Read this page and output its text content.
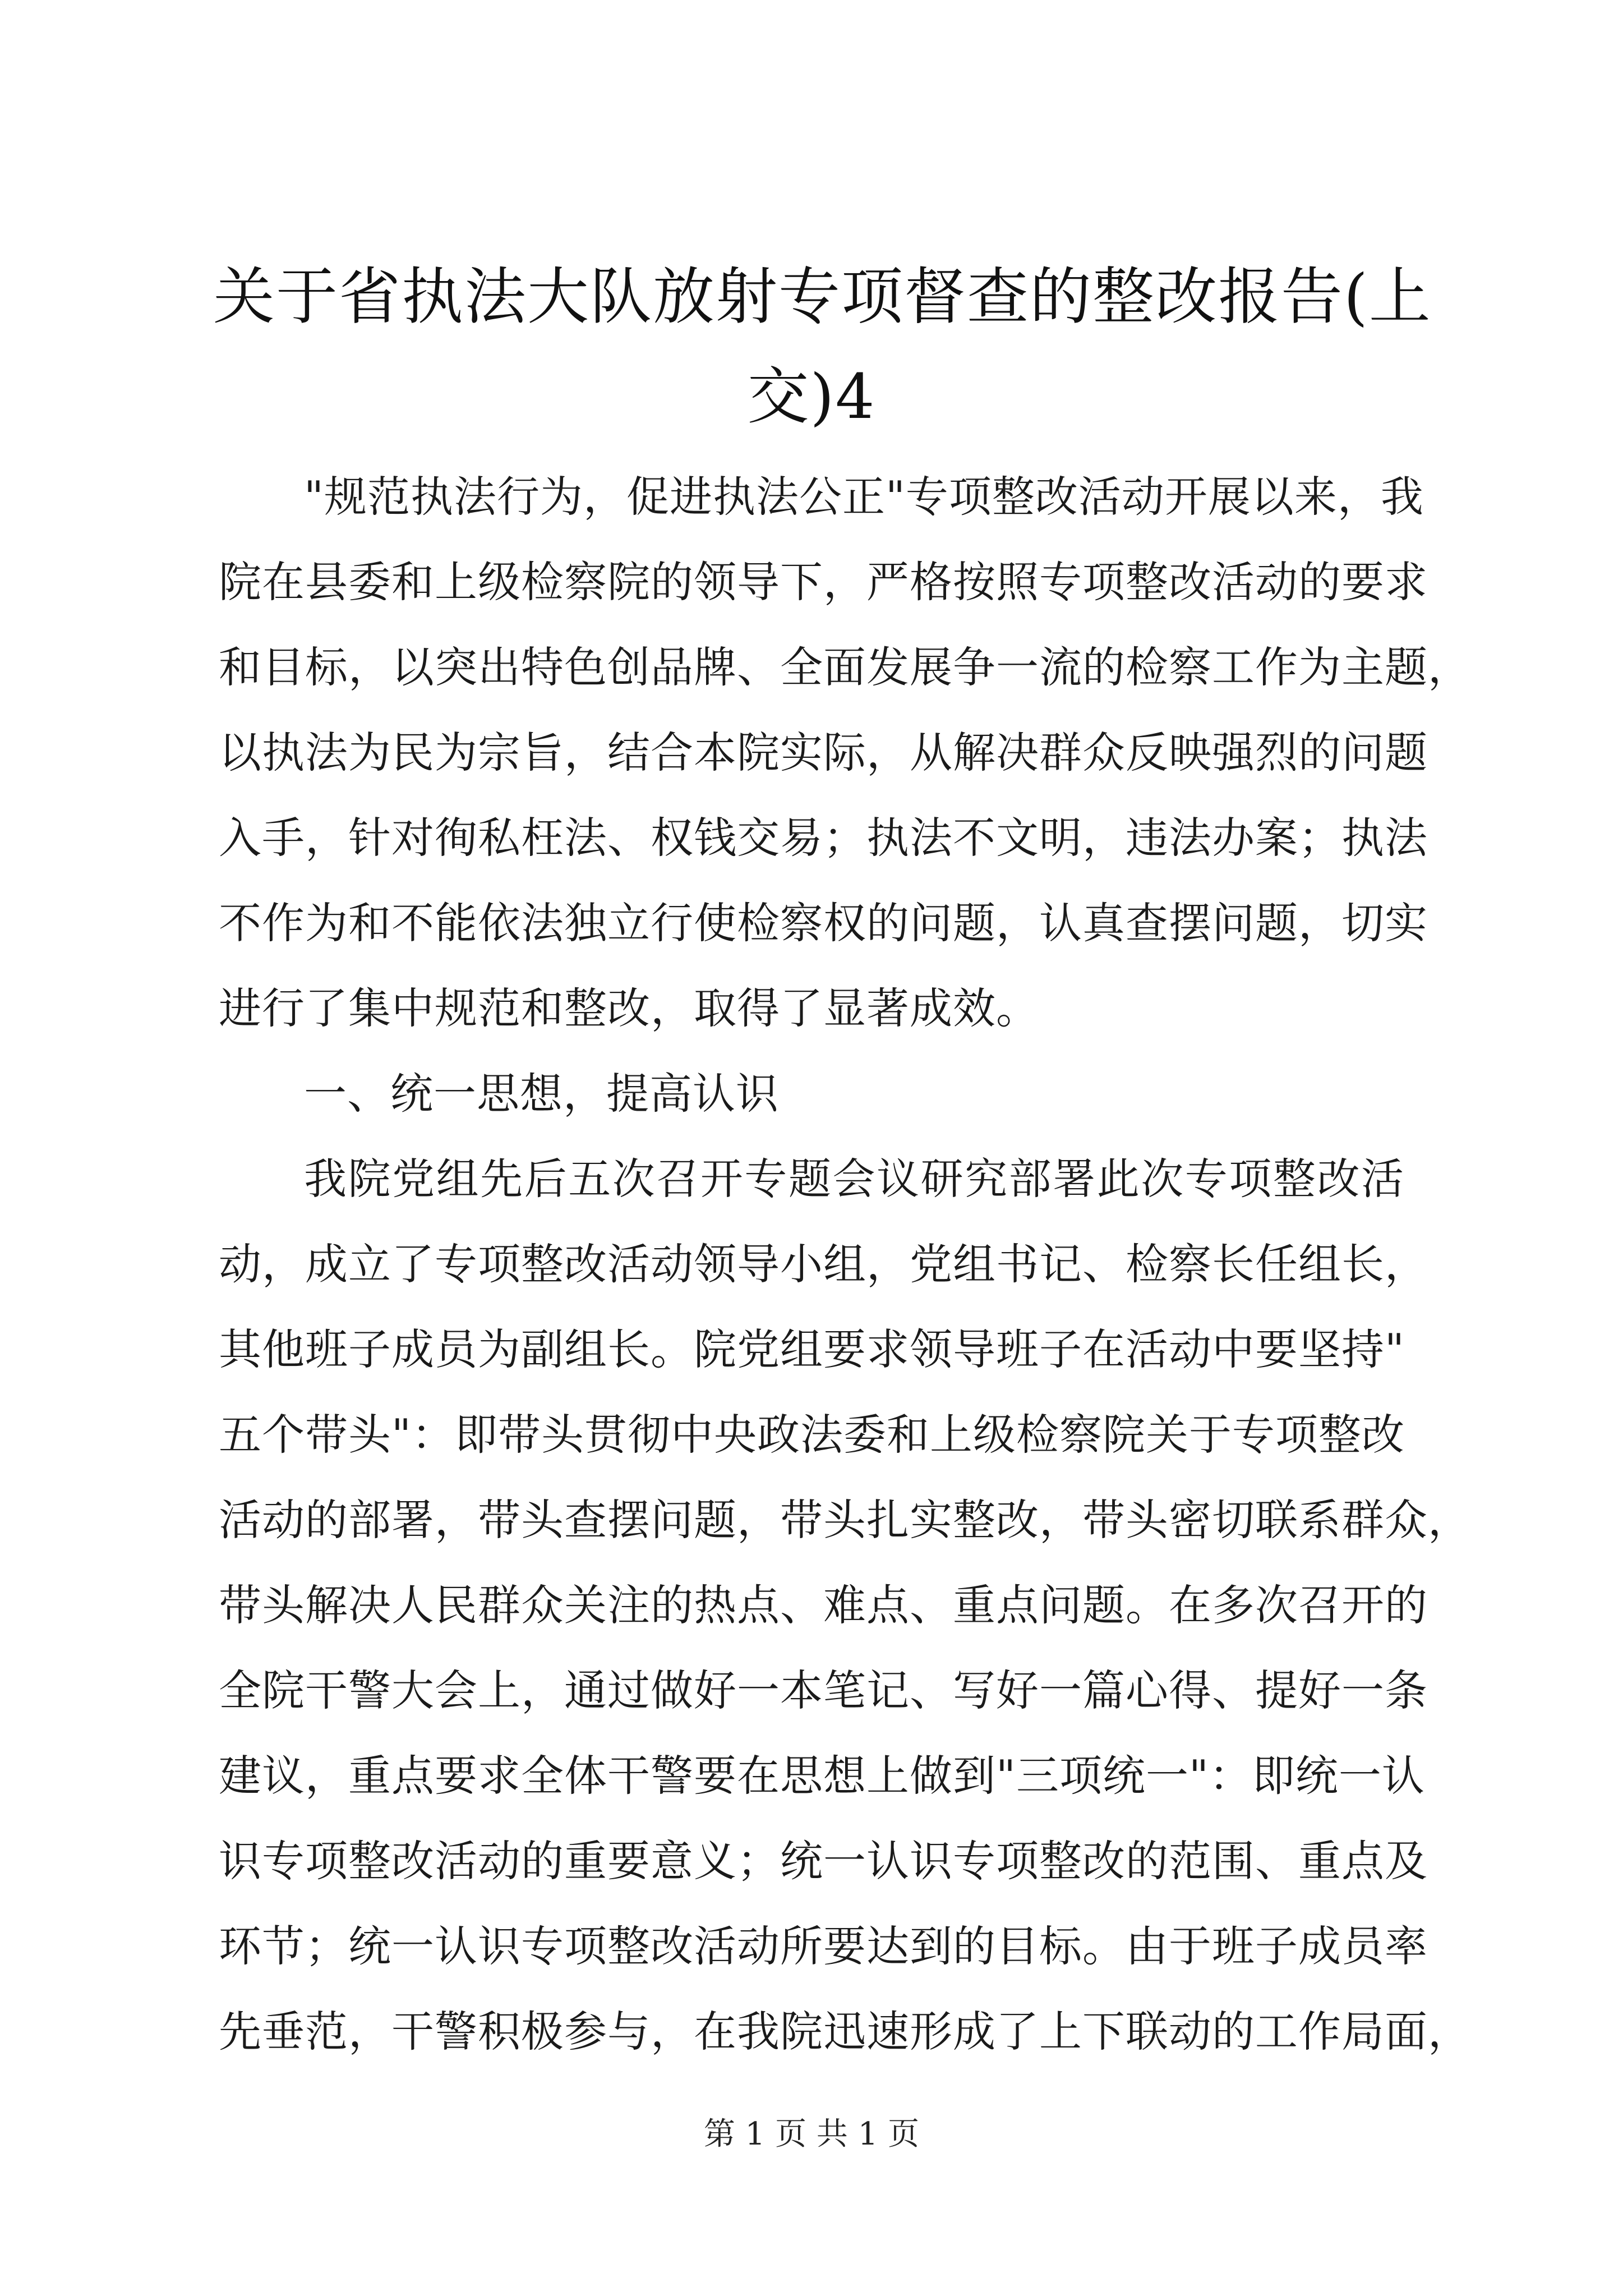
关于省执法大队放射专项督查的整改报告(上
交)4
"规范执法行为，促进执法公正"专项整改活动开展以来，我
院在县委和上级检察院的领导下，严格按照专项整改活动的要求
和目标，以突出特色创品牌、全面发展争一流的检察工作为主题，
以执法为民为宗旨，结合本院实际，从解决群众反映强烈的问题
入手，针对徇私枉法、权钱交易；执法不文明，违法办案；执法
不作为和不能依法独立行使检察权的问题，认真查摆问题，切实
进行了集中规范和整改，取得了显著成效。
一、统一思想，提高认识
我院党组先后五次召开专题会议研究部署此次专项整改活
动，成立了专项整改活动领导小组，党组书记、检察长任组长，
其他班子成员为副组长。院党组要求领导班子在活动中要坚持"
五个带头"：即带头贯彻中央政法委和上级检察院关于专项整改
活动的部署，带头查摆问题，带头扎实整改，带头密切联系群众，
带头解决人民群众关注的热点、难点、重点问题。在多次召开的
全院干警大会上，通过做好一本笔记、写好一篇心得、提好一条
建议，重点要求全体干警要在思想上做到"三项统一"：即统一认
识专项整改活动的重要意义；统一认识专项整改的范围、重点及
环节；统一认识专项整改活动所要达到的目标。由于班子成员率
先垂范，干警积极参与，在我院迅速形成了上下联动的工作局面，
第 1 页 共 1 页
